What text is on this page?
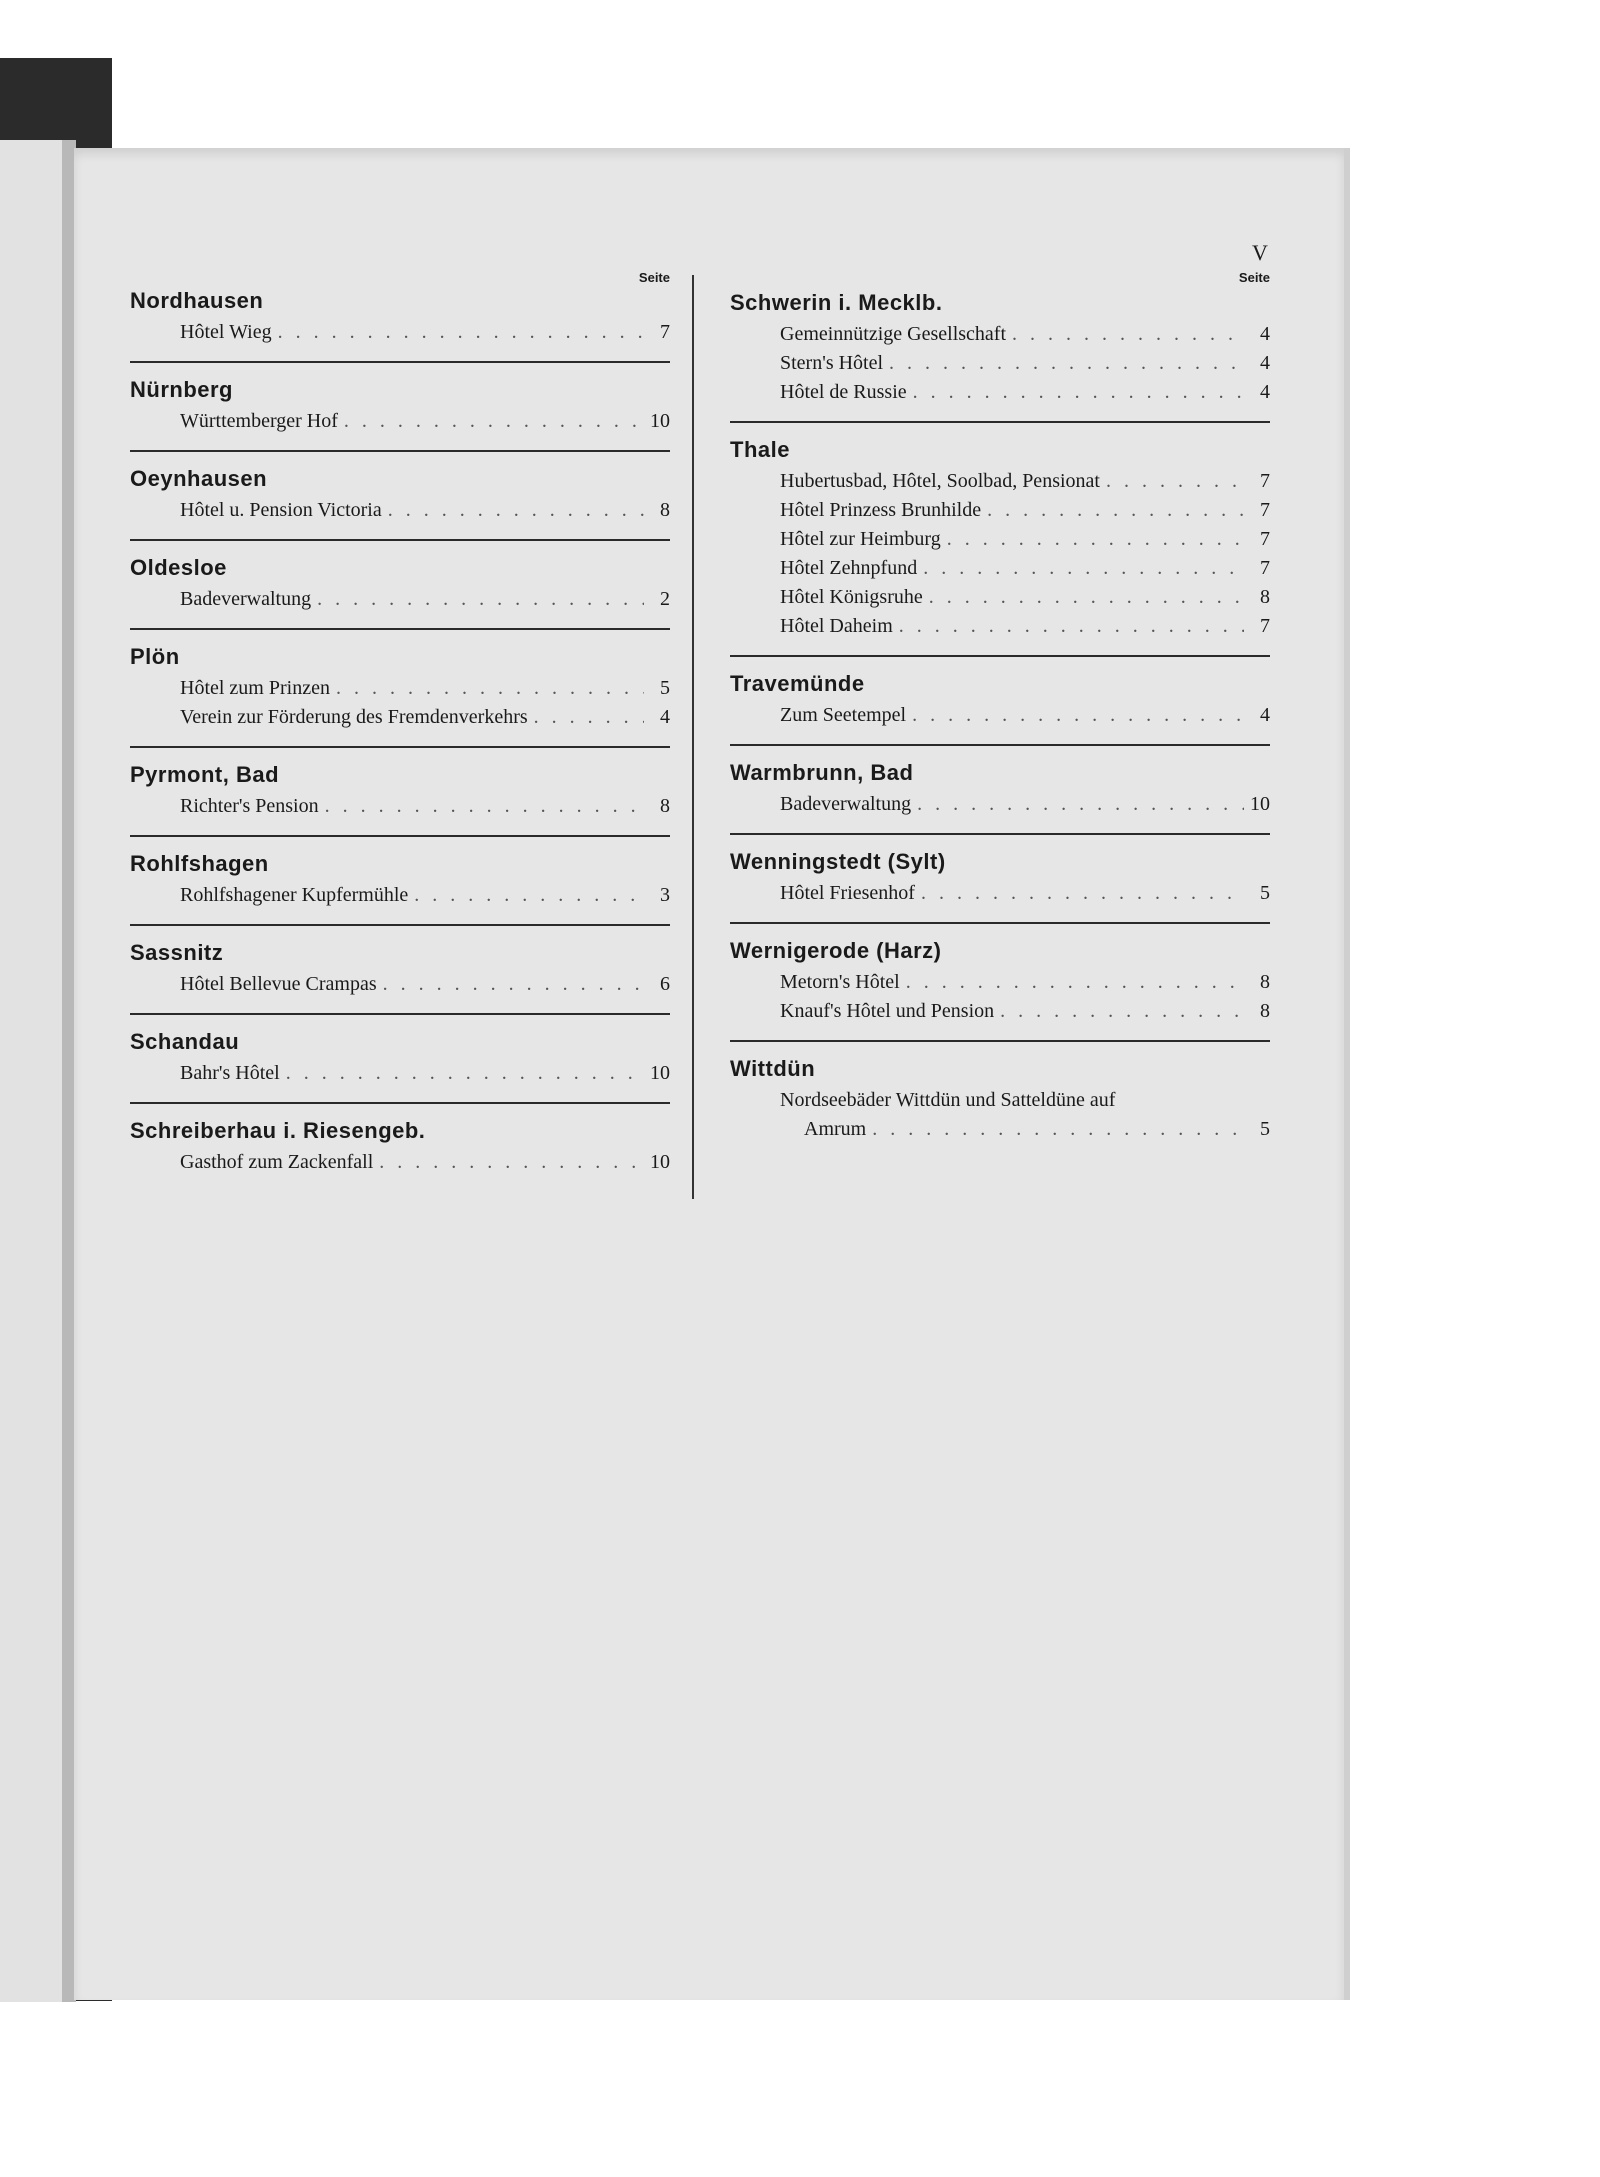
V
Seite
Nordhausen
Hôtel Wieg . . .	7
Nürnberg
Württemberger Hof . . .	10
Oeynhausen
Hôtel u. Pension Victoria . . .	8
Oldesloe
Badeverwaltung . . .	2
Plön
Hôtel zum Prinzen . . .	5
Verein zur Förderung des Fremdenverkehrs . . .	4
Pyrmont, Bad
Richter's Pension . . .	8
Rohlfshagen
Rohlfshagener Kupfermühle . . .	3
Sassnitz
Hôtel Bellevue Crampas . . .	6
Schandau
Bahr's Hôtel . . .	10
Schreiberhau i. Riesengeb.
Gasthof zum Zackenfall . . .	10
Seite
Schwerin i. Mecklb.
Gemeinnützige Gesellschaft . . .	4
Stern's Hôtel . . .	4
Hôtel de Russie . . .	4
Thale
Hubertusbad, Hôtel, Soolbad, Pensionat . . .	7
Hôtel Prinzess Brunhilde . . .	7
Hôtel zur Heimburg . . .	7
Hôtel Zehnpfund . . .	7
Hôtel Königsruhe . . .	8
Hôtel Daheim . . .	7
Travemünde
Zum Seetempel . . .	4
Warmbrunn, Bad
Badeverwaltung . . .	10
Wenningstedt (Sylt)
Hôtel Friesenhof . . .	5
Wernigerode (Harz)
Metorn's Hôtel . . .	8
Knauf's Hôtel und Pension . . .	8
Wittdün
Nordseebäder Wittdün und Satteldüne auf
Amrum . . .	5
